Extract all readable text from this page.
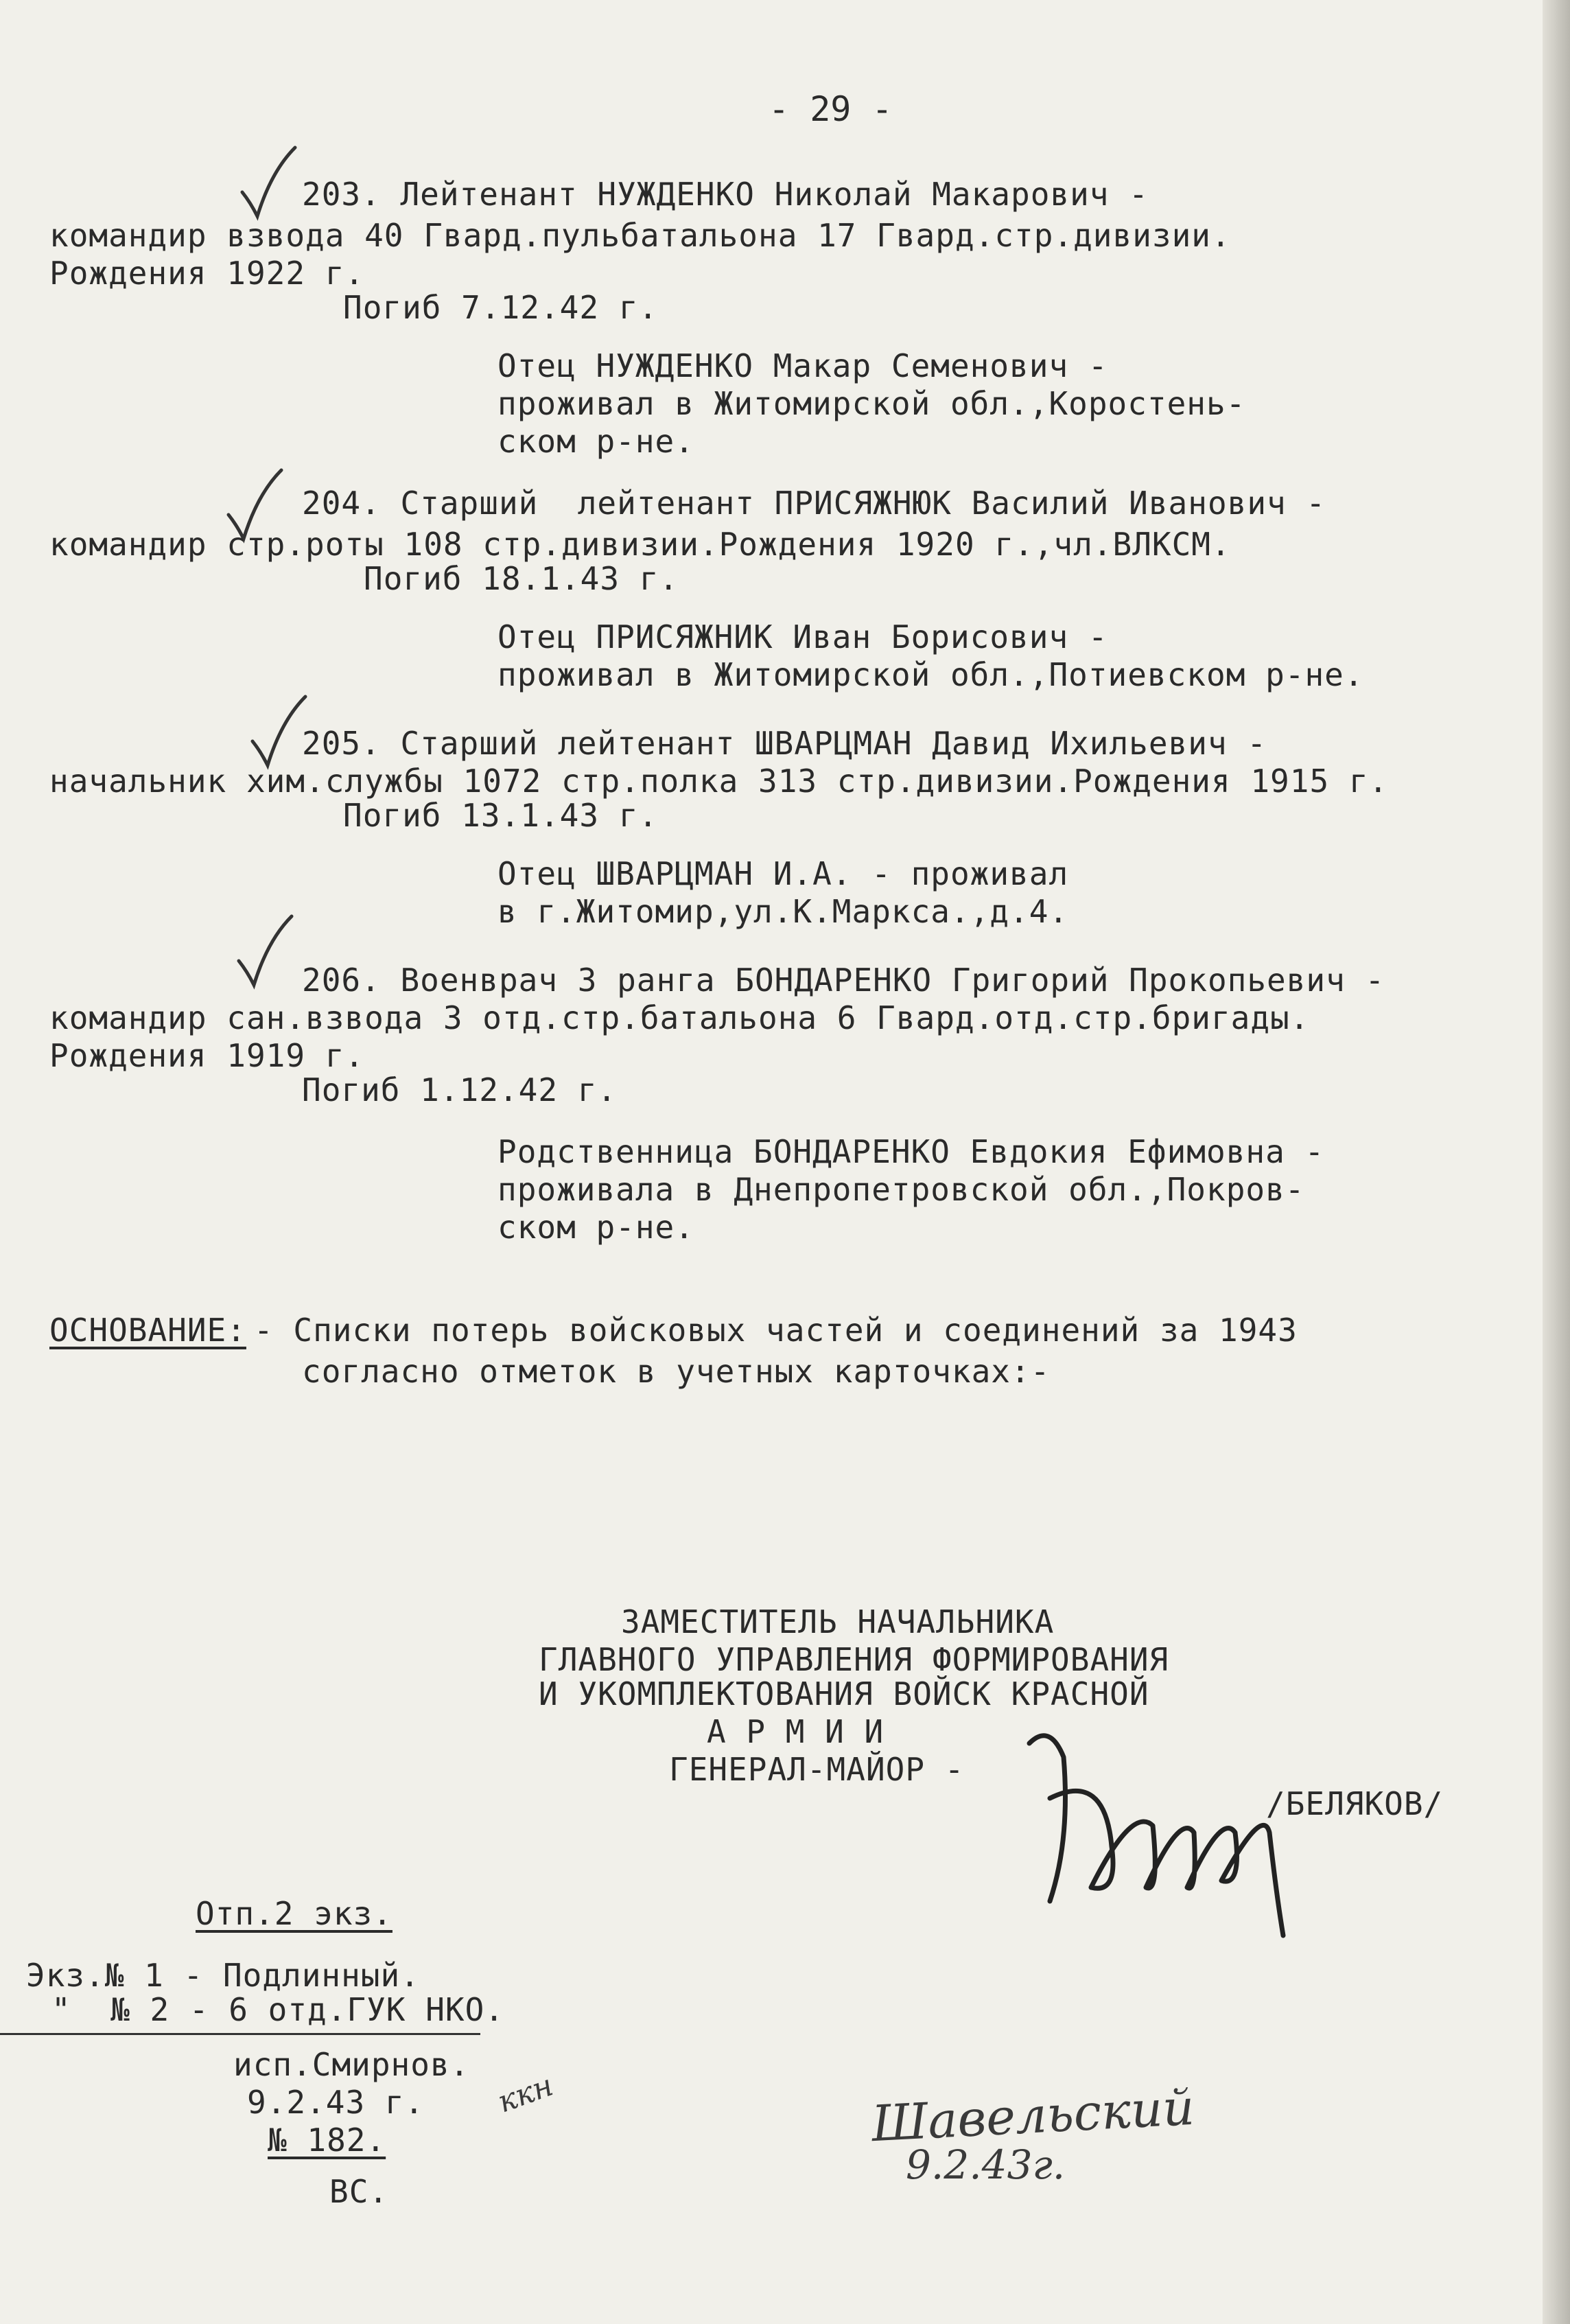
- 29 -
203. Лейтенант НУЖДЕНКО Николай Макарович -
командир взвода 40 Гвард.пульбатальона 17 Гвард.стр.дивизии.
Рождения 1922 г.
Погиб 7.12.42 г.
Отец НУЖДЕНКО Макар Семенович -
проживал в Житомирской обл.,Коростень-
ском р-не.
204. Старший  лейтенант ПРИСЯЖНЮК Василий Иванович -
командир стр.роты 108 стр.дивизии.Рождения 1920 г.,чл.ВЛКСМ.
Погиб 18.1.43 г.
Отец ПРИСЯЖНИК Иван Борисович -
проживал в Житомирской обл.,Потиевском р-не.
205. Старший лейтенант ШВАРЦМАН Давид Ихильевич -
начальник хим.службы 1072 стр.полка 313 стр.дивизии.Рождения 1915 г.
Погиб 13.1.43 г.
Отец ШВАРЦМАН И.А. - проживал
в г.Житомир,ул.К.Маркса.,д.4.
206. Военврач 3 ранга БОНДАРЕНКО Григорий Прокопьевич -
командир сан.взвода 3 отд.стр.батальона 6 Гвард.отд.стр.бригады.
Рождения 1919 г.
Погиб 1.12.42 г.
Родственница БОНДАРЕНКО Евдокия Ефимовна -
проживала в Днепропетровской обл.,Покров-
ском р-не.
ОСНОВАНИЕ: - Списки потерь войсковых частей и соединений за 1943
согласно отметок в учетных карточках:-
ЗАМЕСТИТЕЛЬ НАЧАЛЬНИКА
ГЛАВНОГО УПРАВЛЕНИЯ ФОРМИРОВАНИЯ
И УКОМПЛЕКТОВАНИЯ ВОЙСК КРАСНОЙ
А Р М И И
ГЕНЕРАЛ-МАЙОР -
/БЕЛЯКОВ/
Отп.2 экз.
Экз.№ 1 - Подлинный.
"  № 2 - 6 отд.ГУК НКО.
исп.Смирнов.
9.2.43 г.
№ 182.
ВС.
ккн	Шавельский
9.2.43г.
